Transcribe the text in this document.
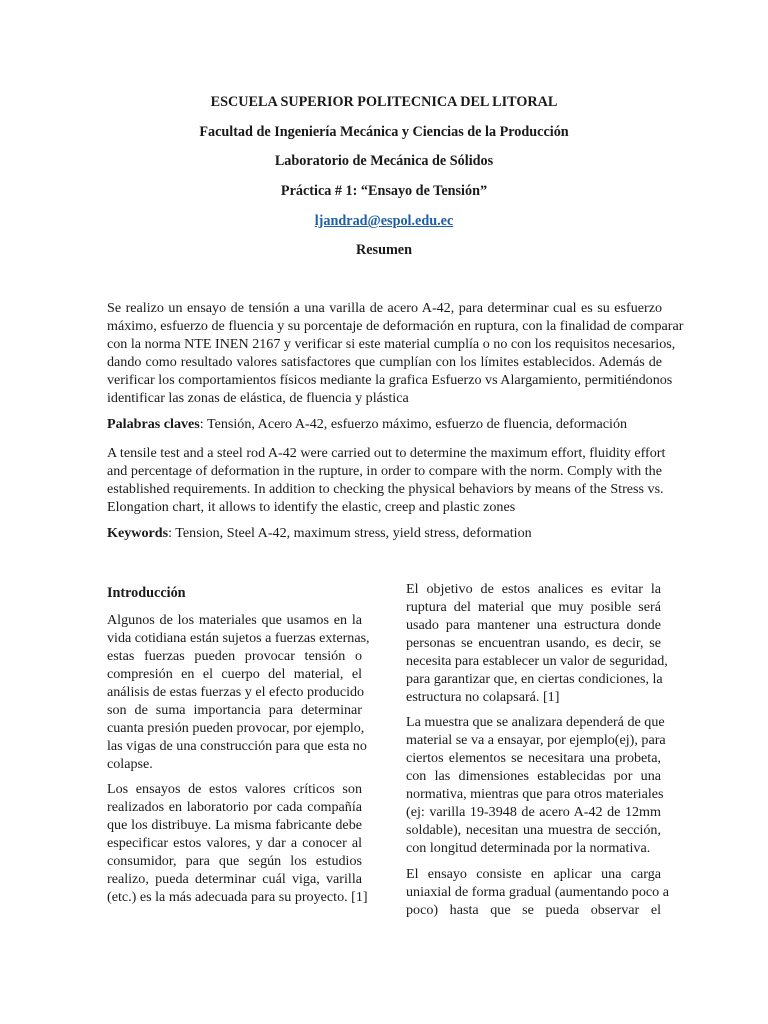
ESCUELA SUPERIOR POLITECNICA DEL LITORAL
Facultad de Ingeniería Mecánica y Ciencias de la Producción
Laboratorio de Mecánica de Sólidos
Práctica # 1: “Ensayo de Tensión”
ljandrad@espol.edu.ec
Resumen
Se realizo un ensayo de tensión a una varilla de acero A-42, para determinar cual es su esfuerzo
máximo, esfuerzo de fluencia y su porcentaje de deformación en ruptura, con la finalidad de comparar
con la norma NTE INEN 2167 y verificar si este material cumplía o no con los requisitos necesarios,
dando como resultado valores satisfactores que cumplían con los límites establecidos. Además de
verificar los comportamientos físicos mediante la grafica Esfuerzo vs Alargamiento, permitiéndonos
identificar las zonas de elástica, de fluencia y plástica
Palabras claves: Tensión, Acero A-42, esfuerzo máximo, esfuerzo de fluencia, deformación
A tensile test and a steel rod A-42 were carried out to determine the maximum effort, fluidity effort
and percentage of deformation in the rupture, in order to compare with the norm. Comply with the
established requirements. In addition to checking the physical behaviors by means of the Stress vs.
Elongation chart, it allows to identify the elastic, creep and plastic zones
Keywords: Tension, Steel A-42, maximum stress, yield stress, deformation
Introducción
Algunos de los materiales que usamos en la
vida cotidiana están sujetos a fuerzas externas,
estas fuerzas pueden provocar tensión o
compresión en el cuerpo del material, el
análisis de estas fuerzas y el efecto producido
son de suma importancia para determinar
cuanta presión pueden provocar, por ejemplo,
las vigas de una construcción para que esta no
colapse.
Los ensayos de estos valores críticos son
realizados en laboratorio por cada compañía
que los distribuye. La misma fabricante debe
especificar estos valores, y dar a conocer al
consumidor, para que según los estudios
realizo, pueda determinar cuál viga, varilla
(etc.) es la más adecuada para su proyecto. [1]
El objetivo de estos analices es evitar la
ruptura del material que muy posible será
usado para mantener una estructura donde
personas se encuentran usando, es decir, se
necesita para establecer un valor de seguridad,
para garantizar que, en ciertas condiciones, la
estructura no colapsará. [1]
La muestra que se analizara dependerá de que
material se va a ensayar, por ejemplo(ej), para
ciertos elementos se necesitara una probeta,
con las dimensiones establecidas por una
normativa, mientras que para otros materiales
(ej: varilla 19-3948 de acero A-42 de 12mm
soldable), necesitan una muestra de sección,
con longitud determinada por la normativa.
El ensayo consiste en aplicar una carga
uniaxial de forma gradual (aumentando poco a
poco) hasta que se pueda observar el
